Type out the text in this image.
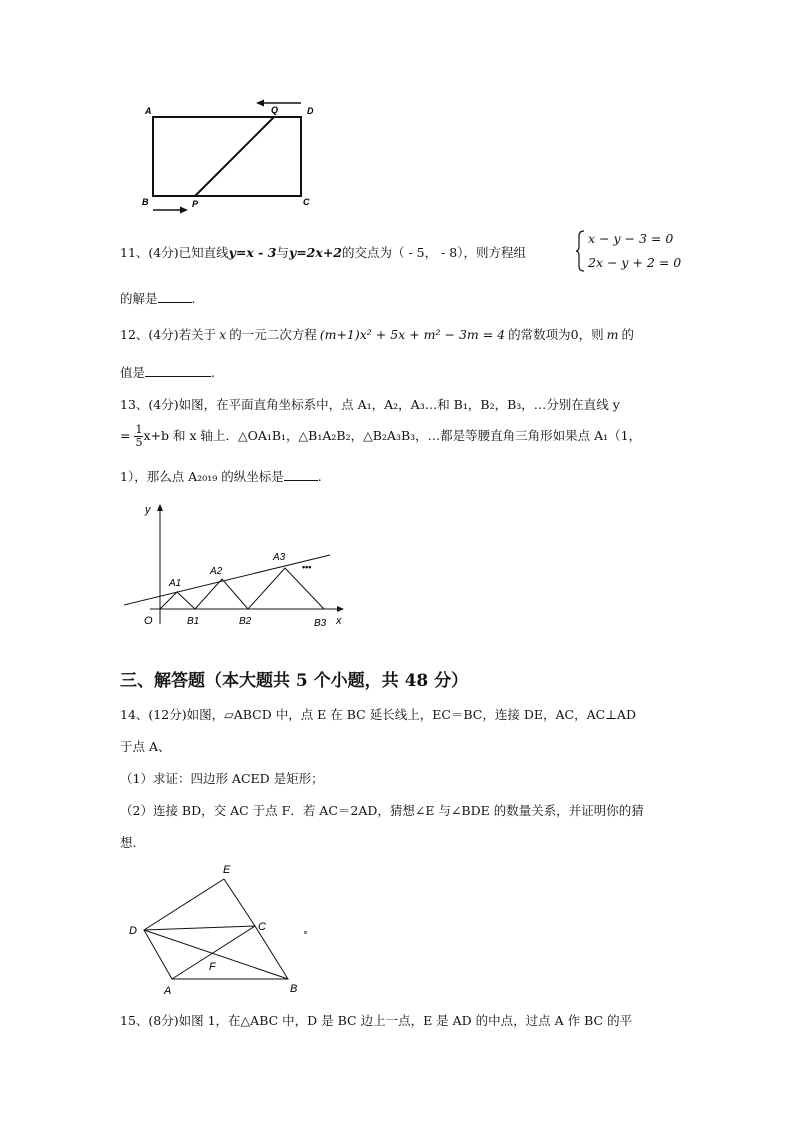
A	D
Q
B	P	C
11、(4分)已知直线y=x - 3与y=2x+2的交点为（ - 5， - 8），则方程组
x − y − 3 = 0
2x − y + 2 = 0
的解是	.
12、(4分)若关于 x 的一元二次方程 (m+1)x² + 5x + m² − 3m = 4 的常数项为0，则 m 的
值是	.
13、(4分)如图，在平面直角坐标系中，点 A₁，A₂，A₃…和 B₁，B₂，B₃，…分别在直线 y
= $\frac{1}{5} x+b$ 和 x 轴上．△OA₁B₁，△B₁A₂B₂，△B₂A₃B₃，…都是等腰直角三角形如果点 A₁（1，
1），那么点 A₂₀₁₉ 的纵坐标是	.
y
x
O
A1
A2
A3
B1	B2	B3
•••
三、解答题（本大题共 5 个小题，共 48 分）
14、(12分)如图，▱ABCD 中，点 E 在 BC 延长线上，EC＝BC，连接 DE，AC，AC⊥AD
于点 A、
（1）求证：四边形 ACED 是矩形；
（2）连接 BD，交 AC 于点 F．若 AC＝2AD，猜想∠E 与∠BDE 的数量关系，并证明你的猜
想.
E
D	C
F
A	B
15、(8分)如图 1，在△ABC 中，D 是 BC 边上一点，E 是 AD 的中点，过点 A 作 BC 的平
